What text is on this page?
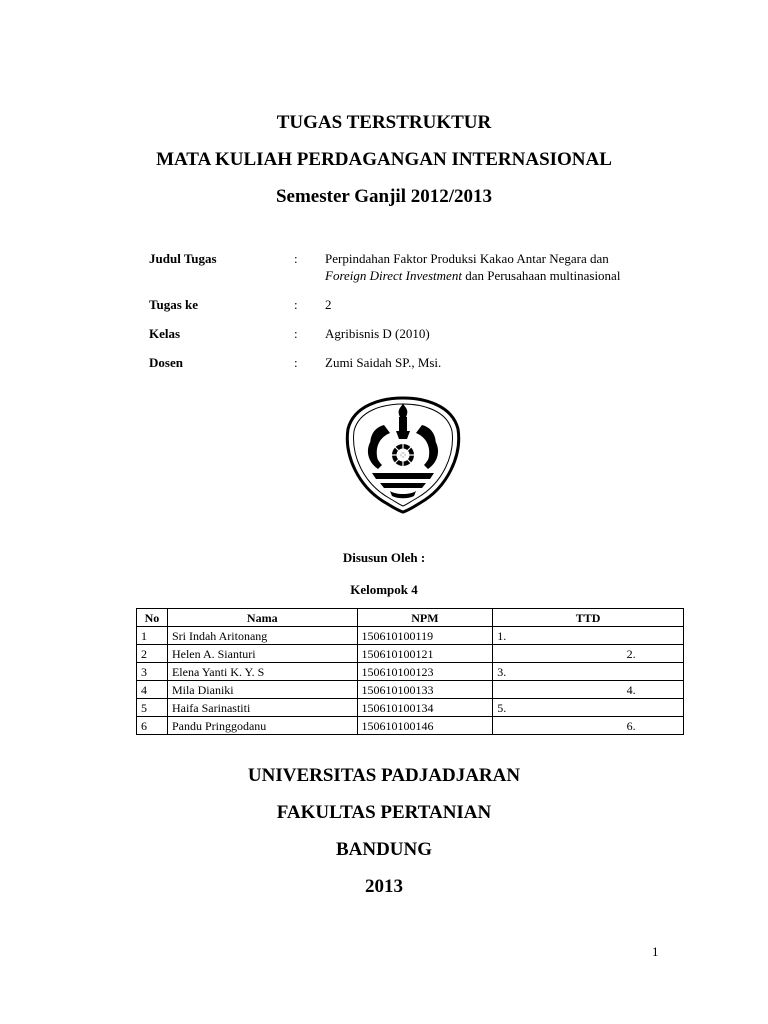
TUGAS TERSTRUKTUR
MATA KULIAH PERDAGANGAN INTERNASIONAL
Semester Ganjil 2012/2013
Judul Tugas	: Perpindahan Faktor Produksi Kakao Antar Negara dan
Foreign Direct Investment dan Perusahaan multinasional
Tugas ke	: 2
Kelas	: Agribisnis D (2010)
Dosen	: Zumi Saidah SP., Msi.
Disusun Oleh :
Kelompok 4
No	Nama	NPM	TTD
1	Sri Indah Aritonang	150610100119	1.
2	Helen A. Sianturi	150610100121	2.
3	Elena Yanti K. Y. S	150610100123	3.
4	Mila Dianiki	150610100133	4.
5	Haifa Sarinastiti	150610100134	5.
6	Pandu Pringgodanu	150610100146	6.
UNIVERSITAS PADJADJARAN
FAKULTAS PERTANIAN
BANDUNG
2013
1
